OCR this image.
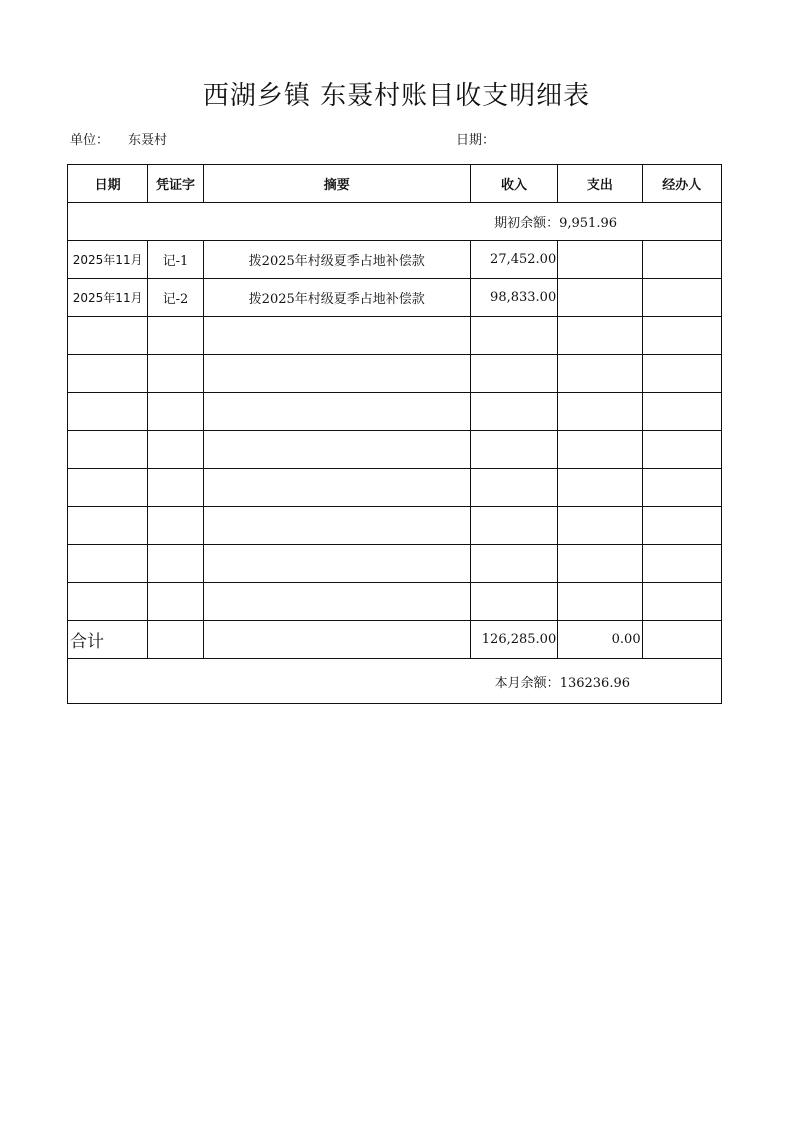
西湖乡镇 东聂村账目收支明细表
单位： 东聂村	日期：
日期	凭证字	摘要	收入	支出	经办人
期初余额：9,951.96					
2025年11月	记-1	拨2025年村级夏季占地补偿款	27,452.00		
2025年11月	记-2	拨2025年村级夏季占地补偿款	98,833.00		

合计			126,285.00	0.00	
本月余额：136236.96					
